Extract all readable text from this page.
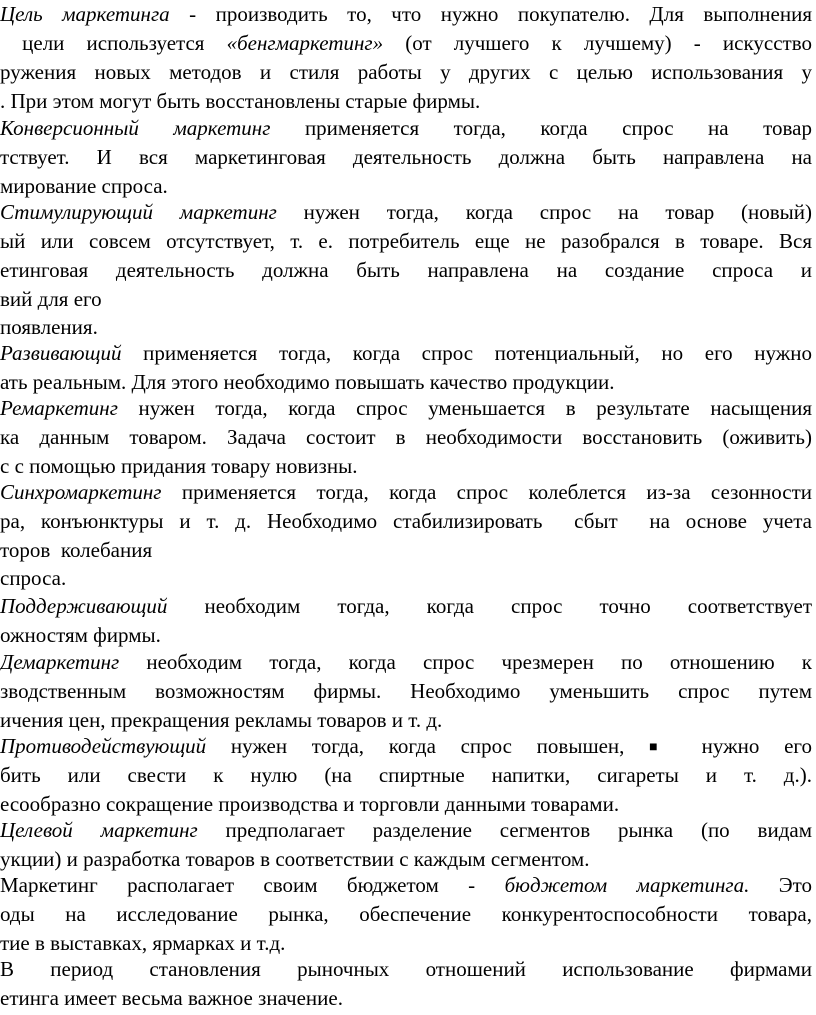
Цель маркетинга - производить то, что нужно покупателю. Для выполнения
цели используется «бенгмаркетинг» (от лучшего к лучшему) - искусство
ружения новых методов и стиля работы у других с целью использования у
. При этом могут быть восстановлены старые фирмы.
Конверсионный маркетинг применяется тогда, когда спрос на товар
тствует. И вся маркетинговая деятельность должна быть направлена на
мирование спроса.
Стимулирующий маркетинг нужен тогда, когда спрос на товар (новый)
ый или совсем отсутствует, т. е. потребитель еще не разобрался в товаре. Вся
етинговая деятельность должна быть направлена на создание спроса и
вий для его
появления.
Развивающий применяется тогда, когда спрос потенциальный, но его нужно
ать реальным. Для этого необходимо повышать качество продукции.
Ремаркетинг нужен тогда, когда спрос уменьшается в результате насыщения
ка данным товаром. Задача состоит в необходимости восстановить (оживить)
с с помощью придания товару новизны.
Синхромаркетинг применяется тогда, когда спрос колеблется из-за сезонности
ра, конъюнктуры и т. д. Необходимо стабилизировать  сбыт  на основе учета
торов  колебания
спроса.
Поддерживающий необходим тогда, когда спрос точно соответствует
ожностям фирмы.
Демаркетинг необходим тогда, когда спрос чрезмерен по отношению к
зводственным возможностям фирмы. Необходимо уменьшить спрос путем
ичения цен, прекращения рекламы товаров и т. д.
Противодействующий нужен тогда, когда спрос повышен, ■ нужно его
бить или свести к нулю (на спиртные напитки, сигареты и т. д.).
есообразно сокращение производства и торговли данными товарами.
Целевой маркетинг предполагает разделение сегментов рынка (по видам
укции) и разработка товаров в соответствии с каждым сегментом.
Маркетинг располагает своим бюджетом - бюджетом маркетинга. Это
оды на исследование рынка, обеспечение конкурентоспособности товара,
тие в выставках, ярмарках и т.д.
В период становления рыночных отношений использование фирмами
етинга имеет весьма важное значение.
